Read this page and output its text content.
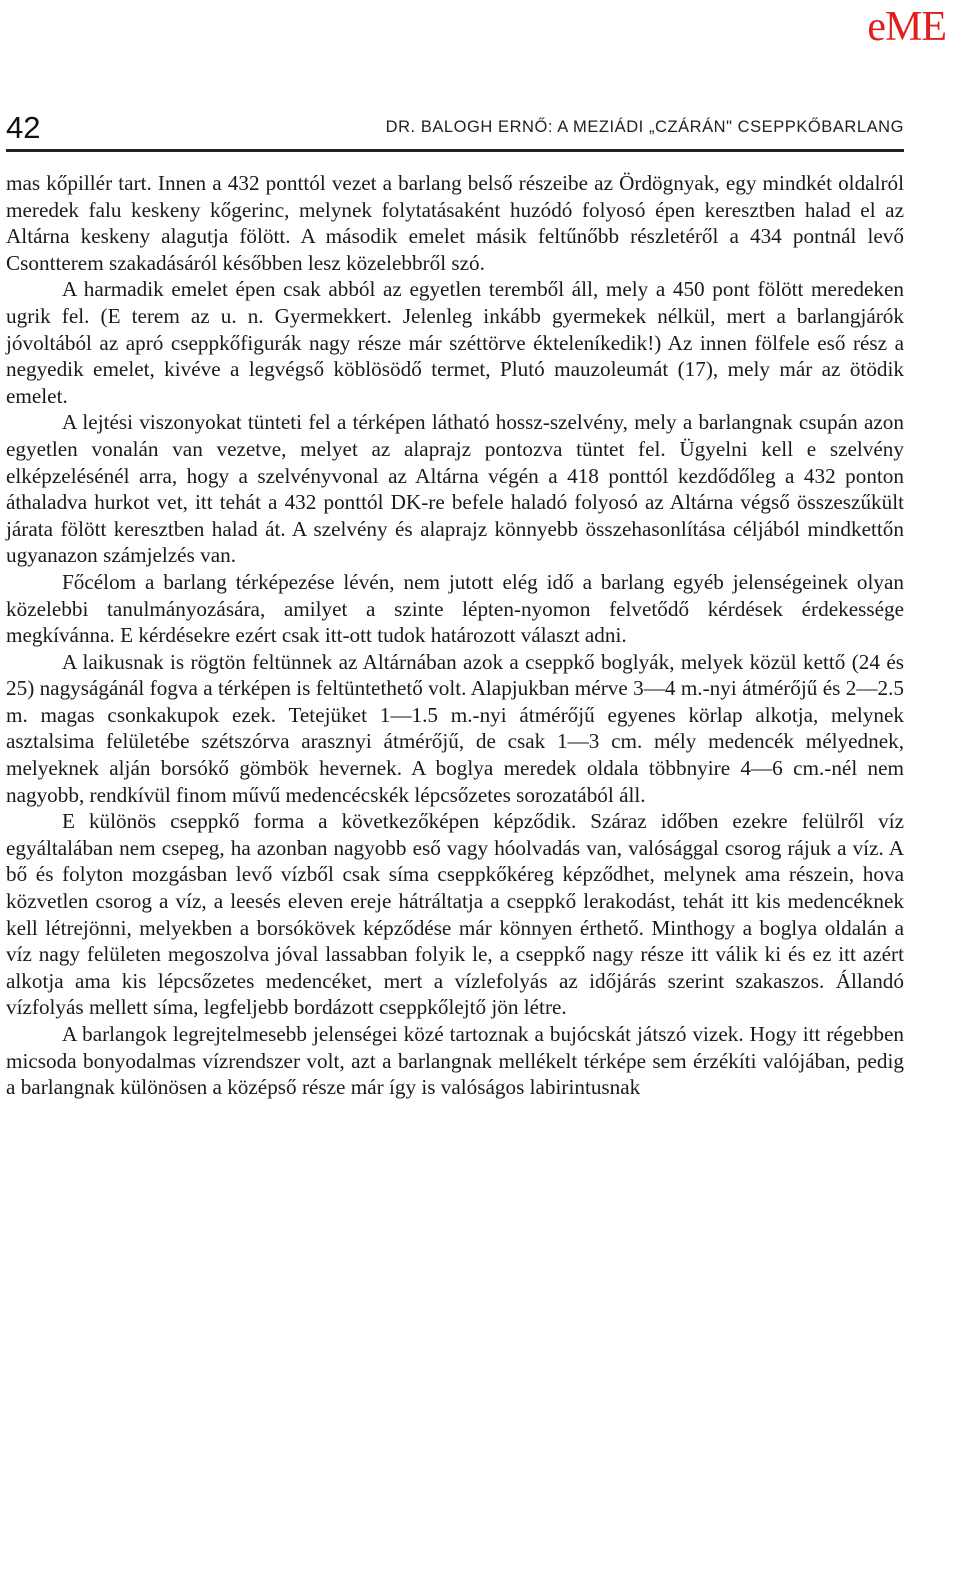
eME
42	DR. BALOGH ERNŐ: A MEZIÁDI „CZÁRÁN" CSEPPKŐBARLANG

mas kőpillér tart. Innen a 432 ponttól vezet a barlang belső részeibe az Ördögnyak, egy mindkét oldalról meredek falu keskeny kőgerinc, melynek folytatásaként huzódó folyosó épen keresztben halad el az Altárna keskeny alagutja fölött. A második emelet másik feltűnőbb részletéről a 434 pontnál levő Csontterem szakadásáról későbben lesz közelebbről szó.

A harmadik emelet épen csak abból az egyetlen teremből áll, mely a 450 pont fölött meredeken ugrik fel. (E terem az u. n. Gyermekkert. Jelenleg inkább gyermekek nélkül, mert a barlangjárók jóvoltából az apró cseppkőfigurák nagy része már széttörve ékteleníkedik!) Az innen fölfele eső rész a negyedik emelet, kivéve a legvégső köblösödő termet, Plutó mauzoleumát (17), mely már az ötödik emelet.

A lejtési viszonyokat tünteti fel a térképen látható hossz-szelvény, mely a barlangnak csupán azon egyetlen vonalán van vezetve, melyet az alaprajz pontozva tüntet fel. Ügyelni kell e szelvény elképzelésénél arra, hogy a szelvényvonal az Altárna végén a 418 ponttól kezdődőleg a 432 ponton áthaladva hurkot vet, itt tehát a 432 ponttól DK-re befele haladó folyosó az Altárna végső összeszűkült járata fölött keresztben halad át. A szelvény és alaprajz könnyebb összehasonlítása céljából mindkettőn ugyanazon számjelzés van.

Főcélom a barlang térképezése lévén, nem jutott elég idő a barlang egyéb jelenségeinek olyan közelebbi tanulmányozására, amilyet a szinte lépten-nyomon felvetődő kérdések érdekessége megkívánna. E kérdésekre ezért csak itt-ott tudok határozott választ adni.

A laikusnak is rögtön feltünnek az Altárnában azok a cseppkő boglyák, melyek közül kettő (24 és 25) nagyságánál fogva a térképen is feltüntethető volt. Alapjukban mérve 3—4 m.-nyi átmérőjű és 2—2.5 m. magas csonkakupok ezek. Tetejüket 1—1.5 m.-nyi átmérőjű egyenes körlap alkotja, melynek asztalsima felületébe szétszórva arasznyi átmérőjű, de csak 1—3 cm. mély medencék mélyednek, melyeknek alján borsókő gömbök hevernek. A boglya meredek oldala többnyire 4—6 cm.-nél nem nagyobb, rendkívül finom művű medencécskék lépcsőzetes sorozatából áll.

E különös cseppkő forma a következőképen képződik. Száraz időben ezekre felülről víz egyáltalában nem csepeg, ha azonban nagyobb eső vagy hóolvadás van, valósággal csorog rájuk a víz. A bő és folyton mozgásban levő vízből csak síma cseppkőkéreg képződhet, melynek ama részein, hova közvetlen csorog a víz, a leesés eleven ereje hátráltatja a cseppkő lerakodást, tehát itt kis medencéknek kell létrejönni, melyekben a borsókövek képződése már könnyen érthető. Minthogy a boglya oldalán a víz nagy felületen megoszolva jóval lassabban folyik le, a cseppkő nagy része itt válik ki és ez itt azért alkotja ama kis lépcsőzetes medencéket, mert a vízlefolyás az időjárás szerint szakaszos. Állandó vízfolyás mellett síma, legfeljebb bordázott cseppkőlejtő jön létre.

A barlangok legrejtelmesebb jelenségei közé tartoznak a bujócskát játszó vizek. Hogy itt régebben micsoda bonyodalmas vízrendszer volt, azt a barlangnak mellékelt térképe sem érzékíti valójában, pedig a barlangnak különösen a középső része már így is valóságos labirintusnak
